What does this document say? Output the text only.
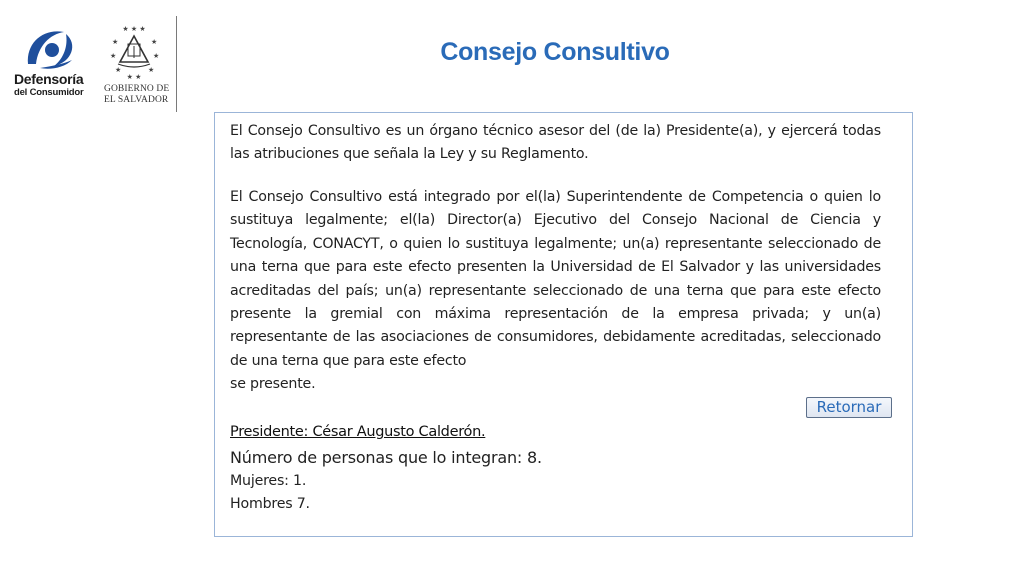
Defensoría
del Consumidor
★ ★ ★
★	★
★	★
★	★
★ ★
GOBIERNO DE
EL SALVADOR
Consejo Consultivo
El Consejo Consultivo es un órgano técnico asesor del (de la) Presidente(a), y ejercerá todas las atribuciones que señala la Ley y su Reglamento.
El Consejo Consultivo está integrado por el(la) Superintendente de Competencia o quien lo sustituya legalmente; el(la) Director(a) Ejecutivo del Consejo Nacional de Ciencia y Tecnología, CONACYT, o quien lo sustituya legalmente; un(a) representante seleccionado de una terna que para este efecto presenten la Universidad de El Salvador y las universidades acreditadas del país; un(a) representante seleccionado de una terna que para este efecto presente la gremial con máxima representación de la empresa privada; y un(a) representante de las asociaciones de consumidores, debidamente acreditadas, seleccionado de una terna que para este efecto
se presente.
Retornar
Presidente: César Augusto Calderón.
Número de personas que lo integran: 8.
Mujeres: 1.
Hombres 7.
